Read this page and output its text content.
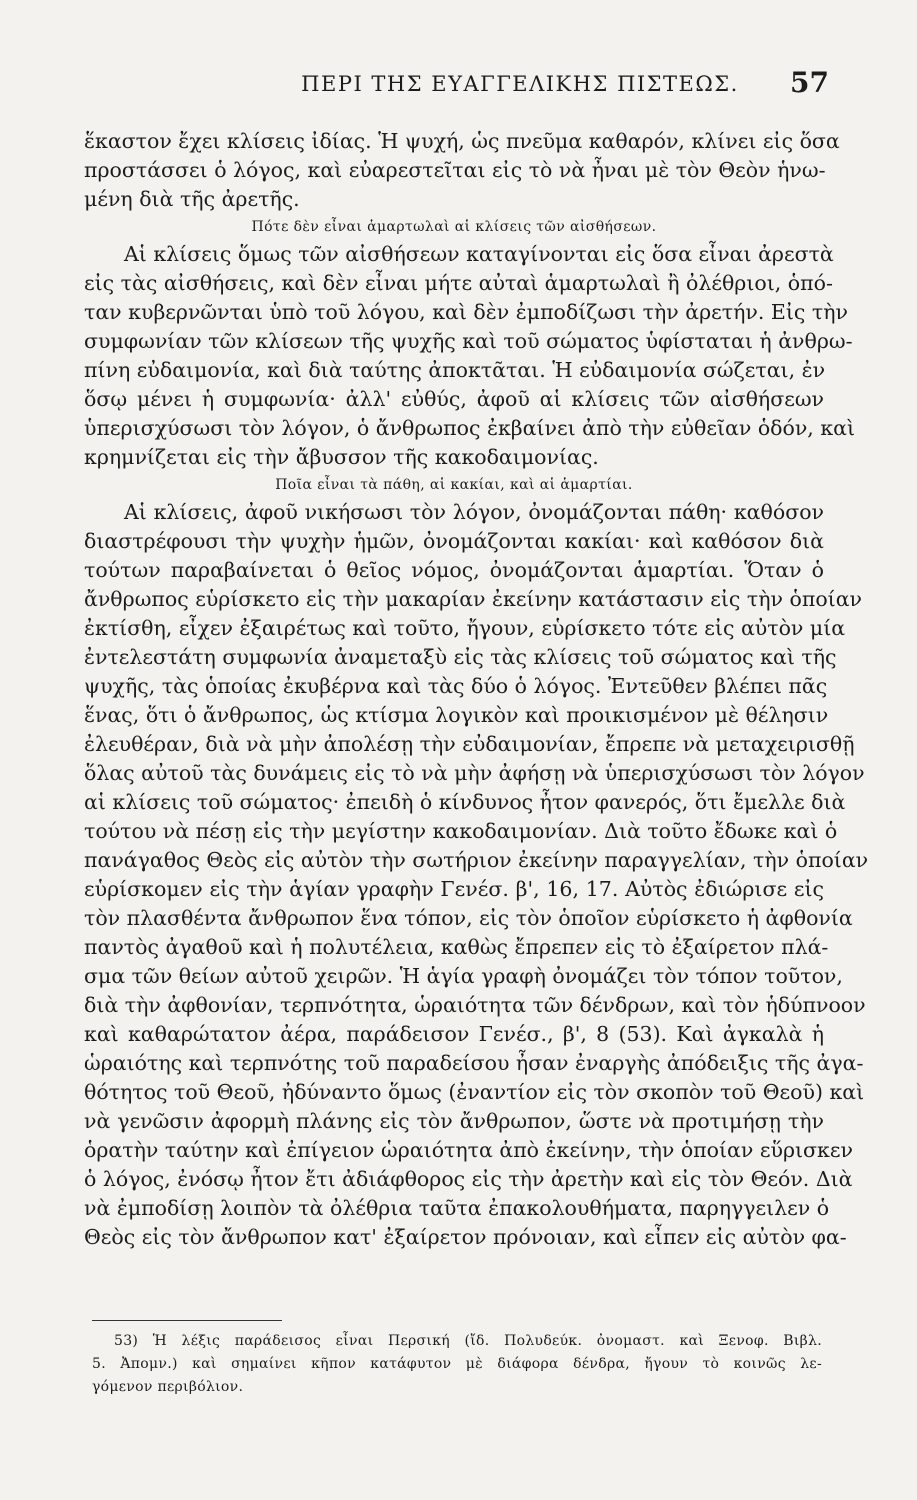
ΠΕΡΙ ΤΗΣ ΕΥΑΓΓΕΛΙΚΗΣ ΠΙΣΤΕΩΣ.	57
ἕκαστον ἔχει κλίσεις ἰδίας. Ἡ ψυχή, ὡς πνεῦμα καθαρόν, κλίνει εἰς ὅσα
προστάσσει ὁ λόγος, καὶ εὐαρεστεῖται εἰς τὸ νὰ ἦναι μὲ τὸν Θεὸν ἡνω-
μένη διὰ τῆς ἀρετῆς.
Πότε δὲν εἶναι ἁμαρτωλαὶ αἱ κλίσεις τῶν αἰσθήσεων.
Αἱ κλίσεις ὅμως τῶν αἰσθήσεων καταγίνονται εἰς ὅσα εἶναι ἀρεστὰ
εἰς τὰς αἰσθήσεις, καὶ δὲν εἶναι μήτε αὐταὶ ἁμαρτωλαὶ ἢ ὀλέθριοι, ὁπό-
ταν κυβερνῶνται ὑπὸ τοῦ λόγου, καὶ δὲν ἐμποδίζωσι τὴν ἀρετήν. Εἰς τὴν
συμφωνίαν τῶν κλίσεων τῆς ψυχῆς καὶ τοῦ σώματος ὑφίσταται ἡ ἀνθρω-
πίνη εὐδαιμονία, καὶ διὰ ταύτης ἀποκτᾶται. Ἡ εὐδαιμονία σώζεται, ἐν
ὅσῳ μένει ἡ συμφωνία· ἀλλ' εὐθύς, ἀφοῦ αἱ κλίσεις τῶν αἰσθήσεων
ὑπερισχύσωσι τὸν λόγον, ὁ ἄνθρωπος ἐκβαίνει ἀπὸ τὴν εὐθεῖαν ὁδόν, καὶ
κρημνίζεται εἰς τὴν ἄβυσσον τῆς κακοδαιμονίας.
Ποῖα εἶναι τὰ πάθη, αἱ κακίαι, καὶ αἱ ἁμαρτίαι.
Αἱ κλίσεις, ἀφοῦ νικήσωσι τὸν λόγον, ὀνομάζονται πάθη· καθόσον
διαστρέφουσι τὴν ψυχὴν ἡμῶν, ὀνομάζονται κακίαι· καὶ καθόσον διὰ
τούτων παραβαίνεται ὁ θεῖος νόμος, ὀνομάζονται ἁμαρτίαι. Ὅταν ὁ
ἄνθρωπος εὑρίσκετο εἰς τὴν μακαρίαν ἐκείνην κατάστασιν εἰς τὴν ὁποίαν
ἐκτίσθη, εἶχεν ἐξαιρέτως καὶ τοῦτο, ἤγουν, εὑρίσκετο τότε εἰς αὐτὸν μία
ἐντελεστάτη συμφωνία ἀναμεταξὺ εἰς τὰς κλίσεις τοῦ σώματος καὶ τῆς
ψυχῆς, τὰς ὁποίας ἐκυβέρνα καὶ τὰς δύο ὁ λόγος. Ἐντεῦθεν βλέπει πᾶς
ἕνας, ὅτι ὁ ἄνθρωπος, ὡς κτίσμα λογικὸν καὶ προικισμένον μὲ θέλησιν
ἐλευθέραν, διὰ νὰ μὴν ἀπολέσῃ τὴν εὐδαιμονίαν, ἔπρεπε νὰ μεταχειρισθῇ
ὅλας αὐτοῦ τὰς δυνάμεις εἰς τὸ νὰ μὴν ἀφήσῃ νὰ ὑπερισχύσωσι τὸν λόγον
αἱ κλίσεις τοῦ σώματος· ἐπειδὴ ὁ κίνδυνος ἦτον φανερός, ὅτι ἔμελλε διὰ
τούτου νὰ πέσῃ εἰς τὴν μεγίστην κακοδαιμονίαν. Διὰ τοῦτο ἔδωκε καὶ ὁ
πανάγαθος Θεὸς εἰς αὐτὸν τὴν σωτήριον ἐκείνην παραγγελίαν, τὴν ὁποίαν
εὑρίσκομεν εἰς τὴν ἁγίαν γραφὴν Γενέσ. β', 16, 17. Αὐτὸς ἐδιώρισε εἰς
τὸν πλασθέντα ἄνθρωπον ἕνα τόπον, εἰς τὸν ὁποῖον εὑρίσκετο ἡ ἀφθονία
παντὸς ἀγαθοῦ καὶ ἡ πολυτέλεια, καθὼς ἔπρεπεν εἰς τὸ ἐξαίρετον πλά-
σμα τῶν θείων αὐτοῦ χειρῶν. Ἡ ἁγία γραφὴ ὀνομάζει τὸν τόπον τοῦτον,
διὰ τὴν ἀφθονίαν, τερπνότητα, ὡραιότητα τῶν δένδρων, καὶ τὸν ἡδύπνοον
καὶ καθαρώτατον ἀέρα, παράδεισον Γενέσ., β', 8 (53). Καὶ ἀγκαλὰ ἡ
ὡραιότης καὶ τερπνότης τοῦ παραδείσου ἦσαν ἐναργὴς ἀπόδειξις τῆς ἀγα-
θότητος τοῦ Θεοῦ, ἠδύναντο ὅμως (ἐναντίον εἰς τὸν σκοπὸν τοῦ Θεοῦ) καὶ
νὰ γενῶσιν ἀφορμὴ πλάνης εἰς τὸν ἄνθρωπον, ὥστε νὰ προτιμήσῃ τὴν
ὁρατὴν ταύτην καὶ ἐπίγειον ὡραιότητα ἀπὸ ἐκείνην, τὴν ὁποίαν εὕρισκεν
ὁ λόγος, ἐνόσῳ ἦτον ἔτι ἀδιάφθορος εἰς τὴν ἀρετὴν καὶ εἰς τὸν Θεόν. Διὰ
νὰ ἐμποδίσῃ λοιπὸν τὰ ὀλέθρια ταῦτα ἐπακολουθήματα, παρηγγειλεν ὁ
Θεὸς εἰς τὸν ἄνθρωπον κατ' ἐξαίρετον πρόνοιαν, καὶ εἶπεν εἰς αὐτὸν φα-
53) Ἡ λέξις παράδεισος εἶναι Περσική (ἴδ. Πολυδεύκ. ὀνομαστ. καὶ Ξενοφ. Βιβλ.
5. Ἀπομν.) καὶ σημαίνει κῆπον κατάφυτον μὲ διάφορα δένδρα, ἤγουν τὸ κοινῶς λε-
γόμενον περιβόλιον.
